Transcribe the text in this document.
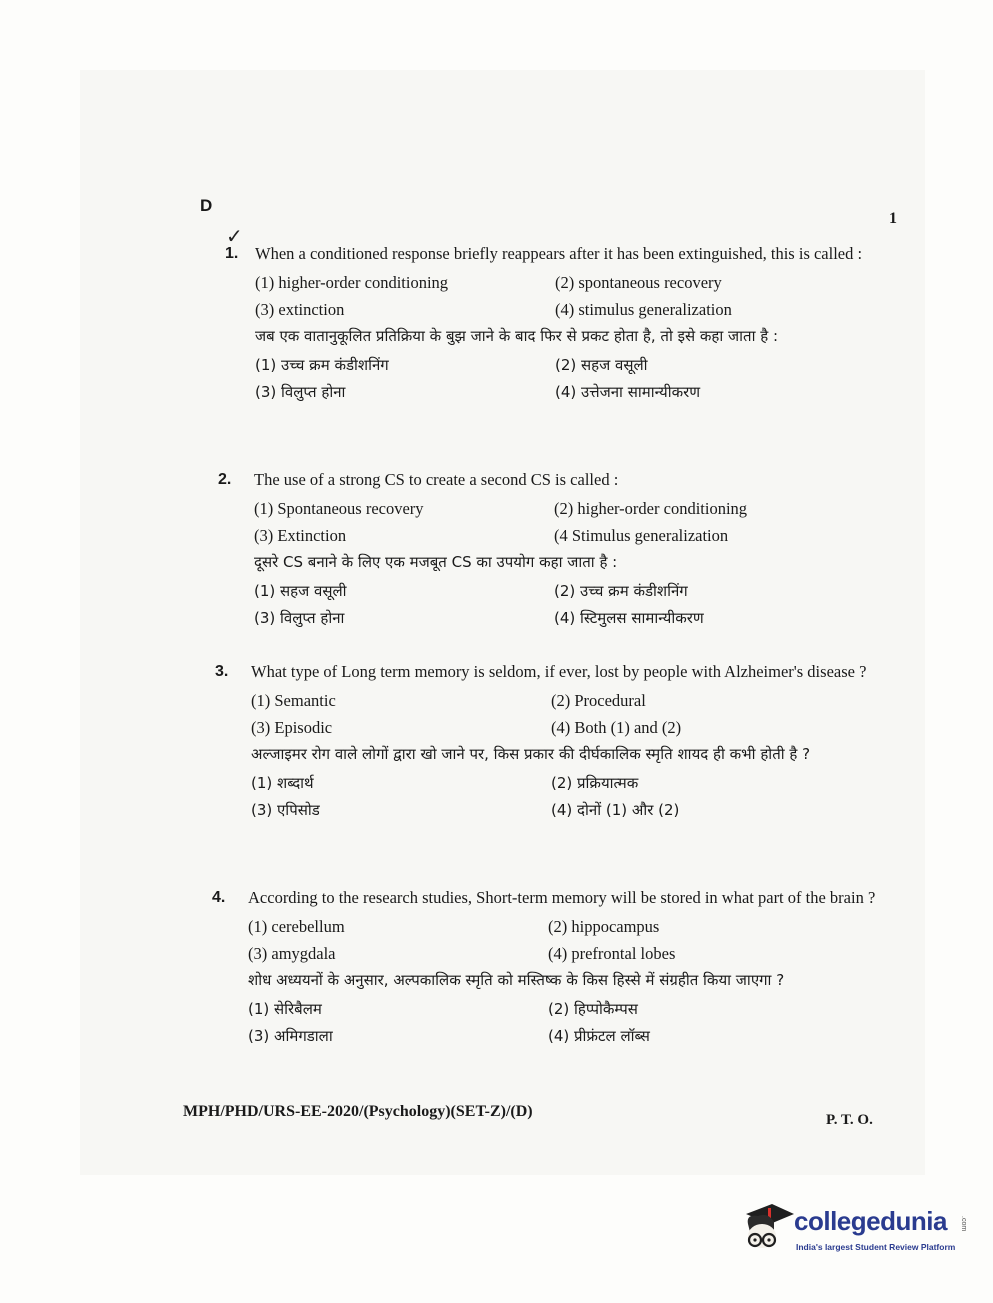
D
1
✓
1. When a conditioned response briefly reappears after it has been extinguished, this is called :
(1) higher-order conditioning	(2) spontaneous recovery
(3) extinction	(4) stimulus generalization
जब एक वातानुकूलित प्रतिक्रिया के बुझ जाने के बाद फिर से प्रकट होता है, तो इसे कहा जाता है :
(1) उच्च क्रम कंडीशनिंग	(2) सहज वसूली
(3) विलुप्त होना	(4) उत्तेजना सामान्यीकरण
2. The use of a strong CS to create a second CS is called :
(1) Spontaneous recovery	(2) higher-order conditioning
(3) Extinction	(4 Stimulus generalization
दूसरे CS बनाने के लिए एक मजबूत CS का उपयोग कहा जाता है :
(1) सहज वसूली	(2) उच्च क्रम कंडीशनिंग
(3) विलुप्त होना	(4) स्टिमुलस सामान्यीकरण
3. What type of Long term memory is seldom, if ever, lost by people with Alzheimer's disease ?
(1) Semantic	(2) Procedural
(3) Episodic	(4) Both (1) and (2)
अल्जाइमर रोग वाले लोगों द्वारा खो जाने पर, किस प्रकार की दीर्घकालिक स्मृति शायद ही कभी होती है ?
(1) शब्दार्थ	(2) प्रक्रियात्मक
(3) एपिसोड	(4) दोनों (1) और (2)
4. According to the research studies, Short-term memory will be stored in what part of the brain ?
(1) cerebellum	(2) hippocampus
(3) amygdala	(4) prefrontal lobes
शोध अध्ययनों के अनुसार, अल्पकालिक स्मृति को मस्तिष्क के किस हिस्से में संग्रहीत किया जाएगा ?
(1) सेरिबैलम	(2) हिप्पोकैम्पस
(3) अमिगडाला	(4) प्रीफ्रंटल लॉब्स
MPH/PHD/URS-EE-2020/(Psychology)(SET-Z)/(D)	P. T. O.
collegedunia .com
India's largest Student Review Platform
